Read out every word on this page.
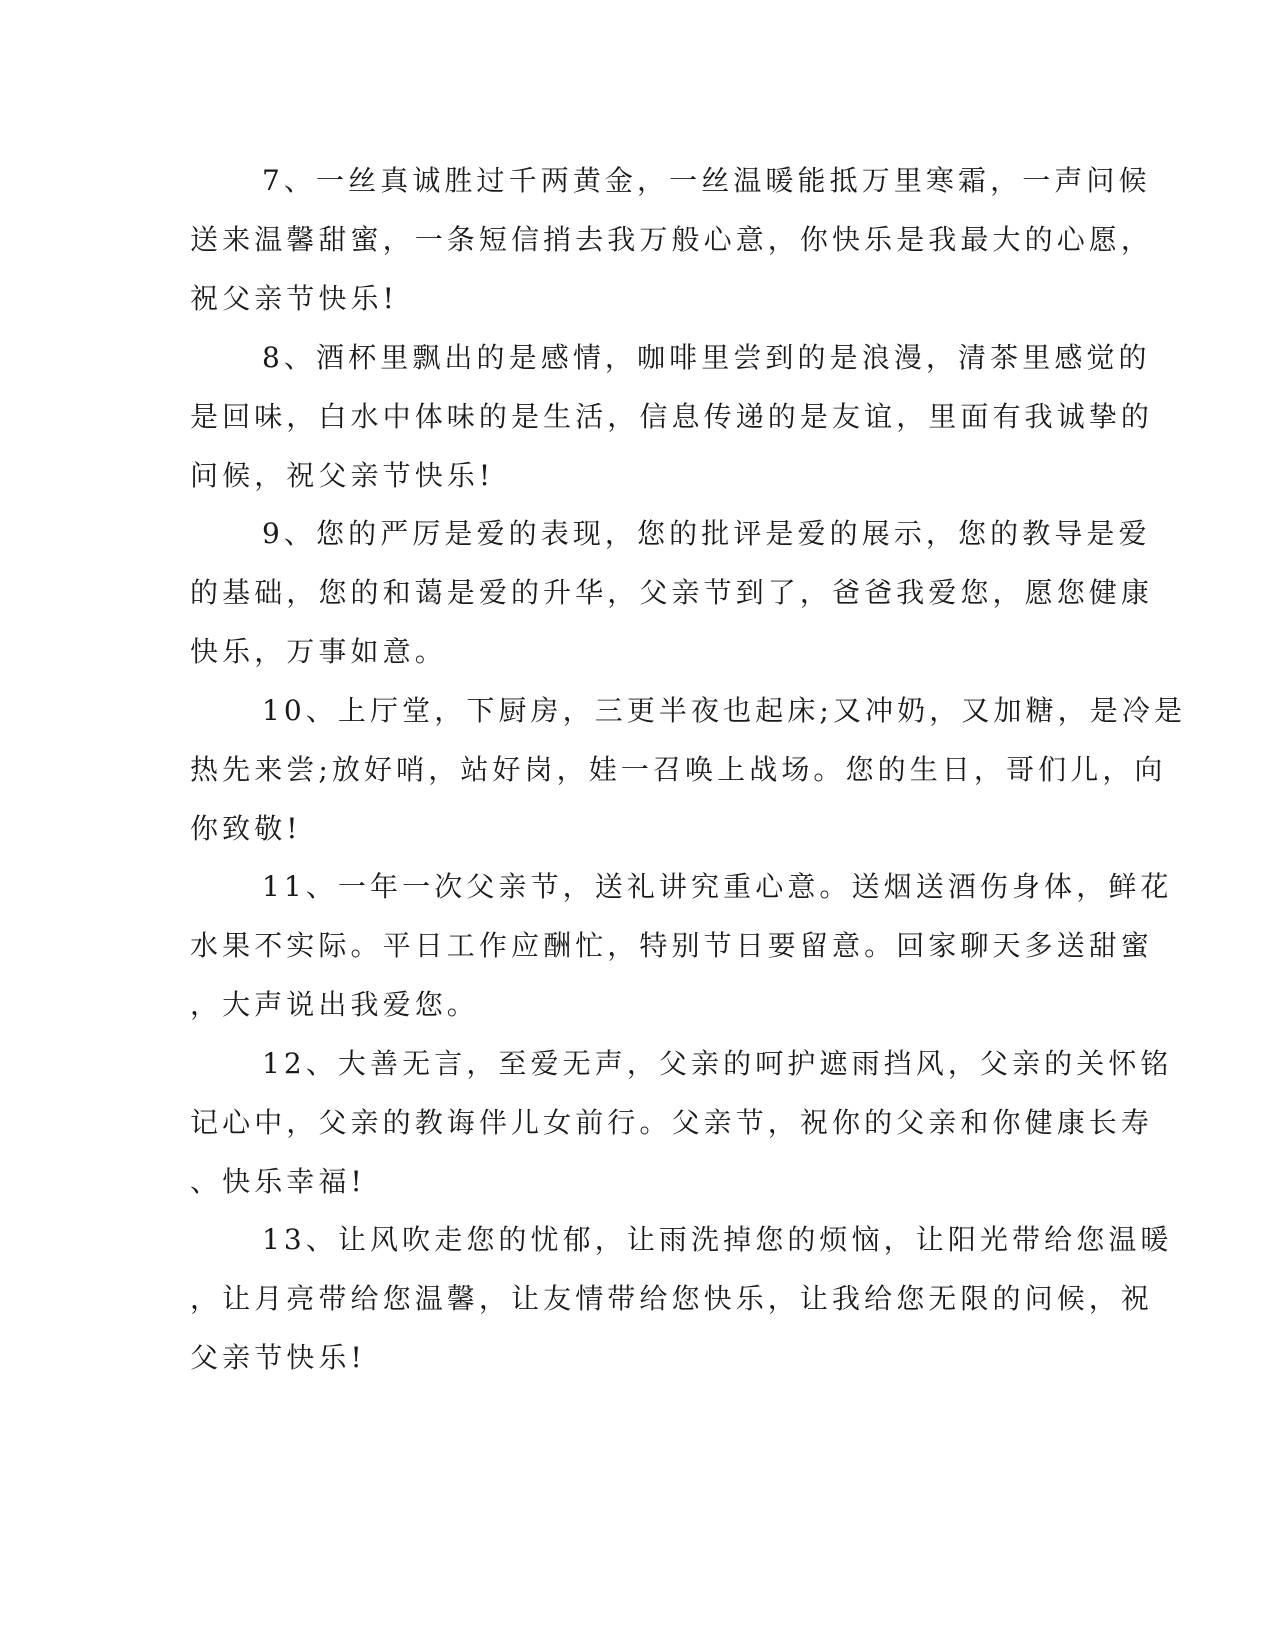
7、一丝真诚胜过千两黄金，一丝温暖能抵万里寒霜，一声问候
送来温馨甜蜜，一条短信捎去我万般心意，你快乐是我最大的心愿，
祝父亲节快乐!
8、酒杯里飘出的是感情，咖啡里尝到的是浪漫，清茶里感觉的
是回味，白水中体味的是生活，信息传递的是友谊，里面有我诚挚的
问候，祝父亲节快乐!
9、您的严厉是爱的表现，您的批评是爱的展示，您的教导是爱
的基础，您的和蔼是爱的升华，父亲节到了，爸爸我爱您，愿您健康
快乐，万事如意。
10、上厅堂，下厨房，三更半夜也起床;又冲奶，又加糖，是冷是
热先来尝;放好哨，站好岗，娃一召唤上战场。您的生日，哥们儿，向
你致敬!
11、一年一次父亲节，送礼讲究重心意。送烟送酒伤身体，鲜花
水果不实际。平日工作应酬忙，特别节日要留意。回家聊天多送甜蜜
，大声说出我爱您。
12、大善无言，至爱无声，父亲的呵护遮雨挡风，父亲的关怀铭
记心中，父亲的教诲伴儿女前行。父亲节，祝你的父亲和你健康长寿
、快乐幸福!
13、让风吹走您的忧郁，让雨洗掉您的烦恼，让阳光带给您温暖
，让月亮带给您温馨，让友情带给您快乐，让我给您无限的问候，祝
父亲节快乐!
